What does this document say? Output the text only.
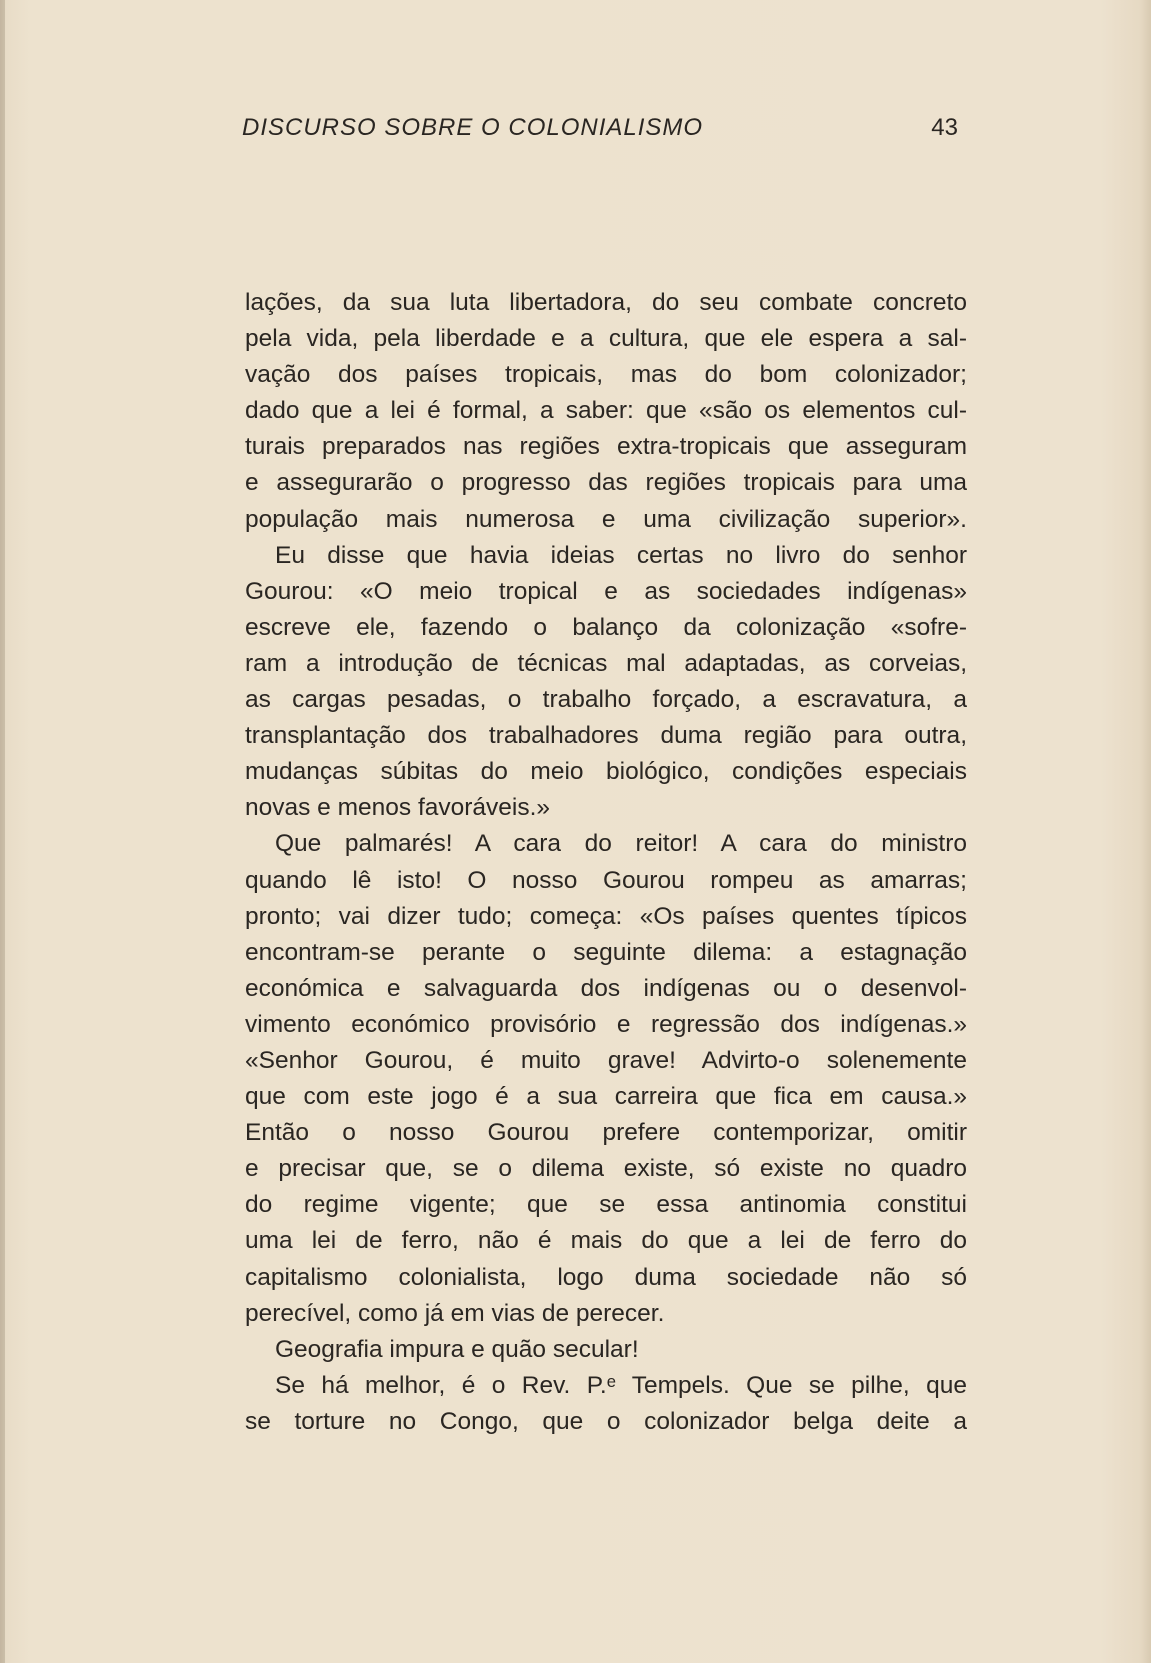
DISCURSO SOBRE O COLONIALISMO	43
lações, da sua luta libertadora, do seu combate concreto
pela vida, pela liberdade e a cultura, que ele espera a sal-
vação dos países tropicais, mas do bom colonizador;
dado que a lei é formal, a saber: que «são os elementos cul-
turais preparados nas regiões extra-tropicais que asseguram
e assegurarão o progresso das regiões tropicais para uma
população mais numerosa e uma civilização superior».
Eu disse que havia ideias certas no livro do senhor
Gourou: «O meio tropical e as sociedades indígenas»
escreve ele, fazendo o balanço da colonização «sofre-
ram a introdução de técnicas mal adaptadas, as corveias,
as cargas pesadas, o trabalho forçado, a escravatura, a
transplantação dos trabalhadores duma região para outra,
mudanças súbitas do meio biológico, condições especiais
novas e menos favoráveis.»
Que palmarés! A cara do reitor! A cara do ministro
quando lê isto! O nosso Gourou rompeu as amarras;
pronto; vai dizer tudo; começa: «Os países quentes típicos
encontram-se perante o seguinte dilema: a estagnação
económica e salvaguarda dos indígenas ou o desenvol-
vimento económico provisório e regressão dos indígenas.»
«Senhor Gourou, é muito grave! Advirto-o solenemente
que com este jogo é a sua carreira que fica em causa.»
Então o nosso Gourou prefere contemporizar, omitir
e precisar que, se o dilema existe, só existe no quadro
do regime vigente; que se essa antinomia constitui
uma lei de ferro, não é mais do que a lei de ferro do
capitalismo colonialista, logo duma sociedade não só
perecível, como já em vias de perecer.
Geografia impura e quão secular!
Se há melhor, é o Rev. P.ᵉ Tempels. Que se pilhe, que
se torture no Congo, que o colonizador belga deite a
